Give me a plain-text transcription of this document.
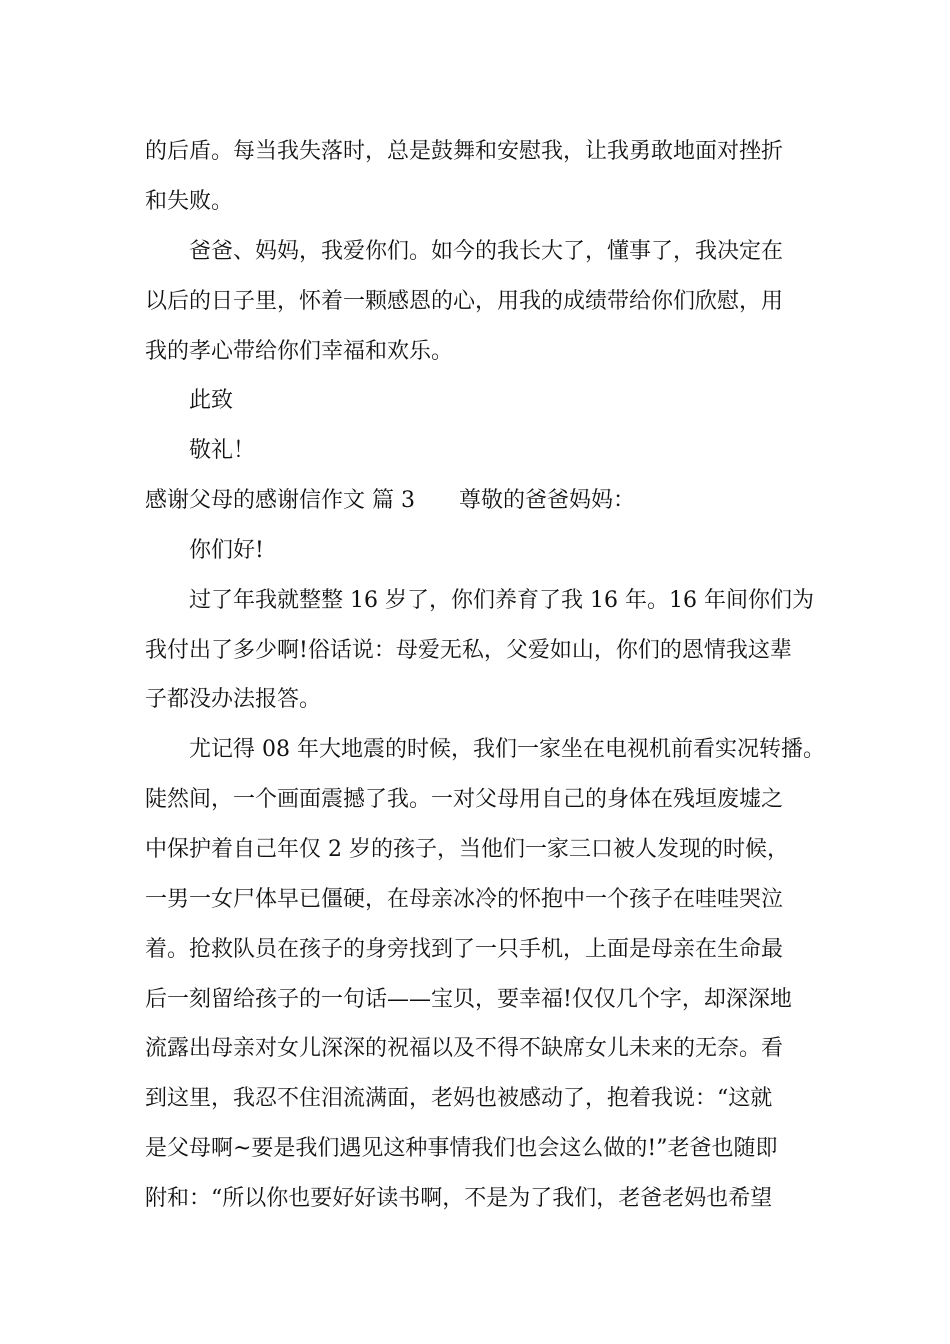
的后盾。每当我失落时，总是鼓舞和安慰我，让我勇敢地面对挫折
和失败。
爸爸、妈妈，我爱你们。如今的我长大了，懂事了，我决定在
以后的日子里，怀着一颗感恩的心，用我的成绩带给你们欣慰，用
我的孝心带给你们幸福和欢乐。
此致
敬礼！
感谢父母的感谢信作文 篇 3 尊敬的爸爸妈妈：
你们好!
过了年我就整整 16 岁了，你们养育了我 16 年。16 年间你们为
我付出了多少啊!俗话说：母爱无私，父爱如山，你们的恩情我这辈
子都没办法报答。
尤记得 08 年大地震的时候，我们一家坐在电视机前看实况转播。
陡然间，一个画面震撼了我。一对父母用自己的身体在残垣废墟之
中保护着自己年仅 2 岁的孩子，当他们一家三口被人发现的时候，
一男一女尸体早已僵硬，在母亲冰冷的怀抱中一个孩子在哇哇哭泣
着。抢救队员在孩子的身旁找到了一只手机，上面是母亲在生命最
后一刻留给孩子的一句话——宝贝，要幸福!仅仅几个字，却深深地
流露出母亲对女儿深深的祝福以及不得不缺席女儿未来的无奈。看
到这里，我忍不住泪流满面，老妈也被感动了，抱着我说：“这就
是父母啊~要是我们遇见这种事情我们也会这么做的!”老爸也随即
附和：“所以你也要好好读书啊，不是为了我们，老爸老妈也希望
